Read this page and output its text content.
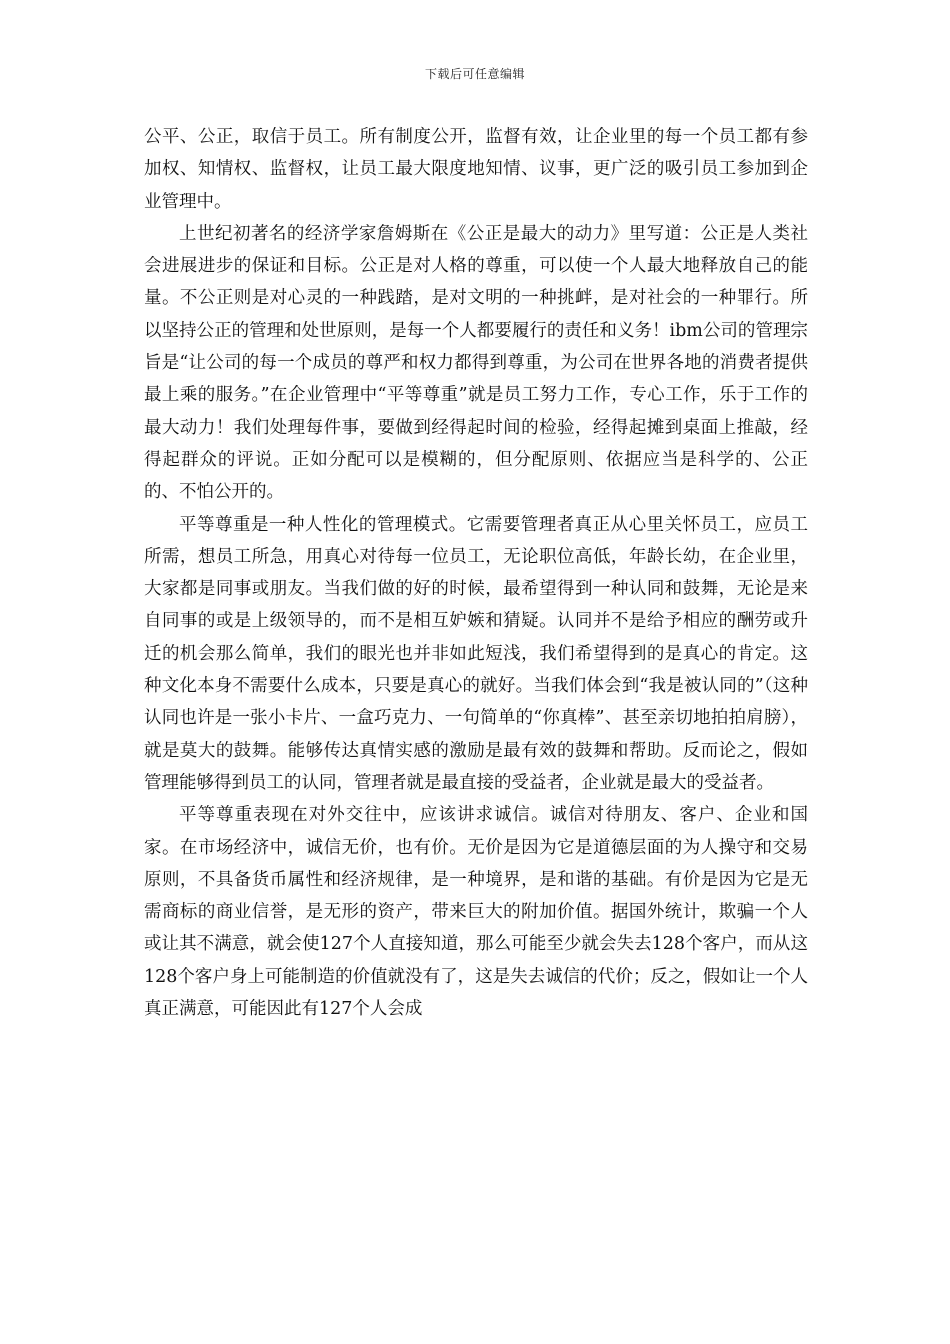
下载后可任意编辑

公平、公正，取信于员工。所有制度公开，监督有效，让企业里的每一个员工都有参加权、知情权、监督权，让员工最大限度地知情、议事，更广泛的吸引员工参加到企业管理中。

上世纪初著名的经济学家詹姆斯在《公正是最大的动力》里写道：公正是人类社会进展进步的保证和目标。公正是对人格的尊重，可以使一个人最大地释放自己的能量。不公正则是对心灵的一种践踏，是对文明的一种挑衅，是对社会的一种罪行。所以坚持公正的管理和处世原则，是每一个人都要履行的责任和义务！ibm公司的管理宗旨是“让公司的每一个成员的尊严和权力都得到尊重，为公司在世界各地的消费者提供最上乘的服务。”在企业管理中“平等尊重”就是员工努力工作，专心工作，乐于工作的最大动力！我们处理每件事，要做到经得起时间的检验，经得起摊到桌面上推敲，经得起群众的评说。正如分配可以是模糊的，但分配原则、依据应当是科学的、公正的、不怕公开的。

平等尊重是一种人性化的管理模式。它需要管理者真正从心里关怀员工，应员工所需，想员工所急，用真心对待每一位员工，无论职位高低，年龄长幼，在企业里，大家都是同事或朋友。当我们做的好的时候，最希望得到一种认同和鼓舞，无论是来自同事的或是上级领导的，而不是相互妒嫉和猜疑。认同并不是给予相应的酬劳或升迁的机会那么简单，我们的眼光也并非如此短浅，我们希望得到的是真心的肯定。这种文化本身不需要什么成本，只要是真心的就好。当我们体会到“我是被认同的”（这种认同也许是一张小卡片、一盒巧克力、一句简单的“你真棒”、甚至亲切地拍拍肩膀），就是莫大的鼓舞。能够传达真情实感的激励是最有效的鼓舞和帮助。反而论之，假如管理能够得到员工的认同，管理者就是最直接的受益者，企业就是最大的受益者。

平等尊重表现在对外交往中，应该讲求诚信。诚信对待朋友、客户、企业和国家。在市场经济中，诚信无价，也有价。无价是因为它是道德层面的为人操守和交易原则，不具备货币属性和经济规律，是一种境界，是和谐的基础。有价是因为它是无需商标的商业信誉，是无形的资产，带来巨大的附加价值。据国外统计，欺骗一个人或让其不满意，就会使127个人直接知道，那么可能至少就会失去128个客户，而从这128个客户身上可能制造的价值就没有了，这是失去诚信的代价；反之，假如让一个人真正满意，可能因此有127个人会成
